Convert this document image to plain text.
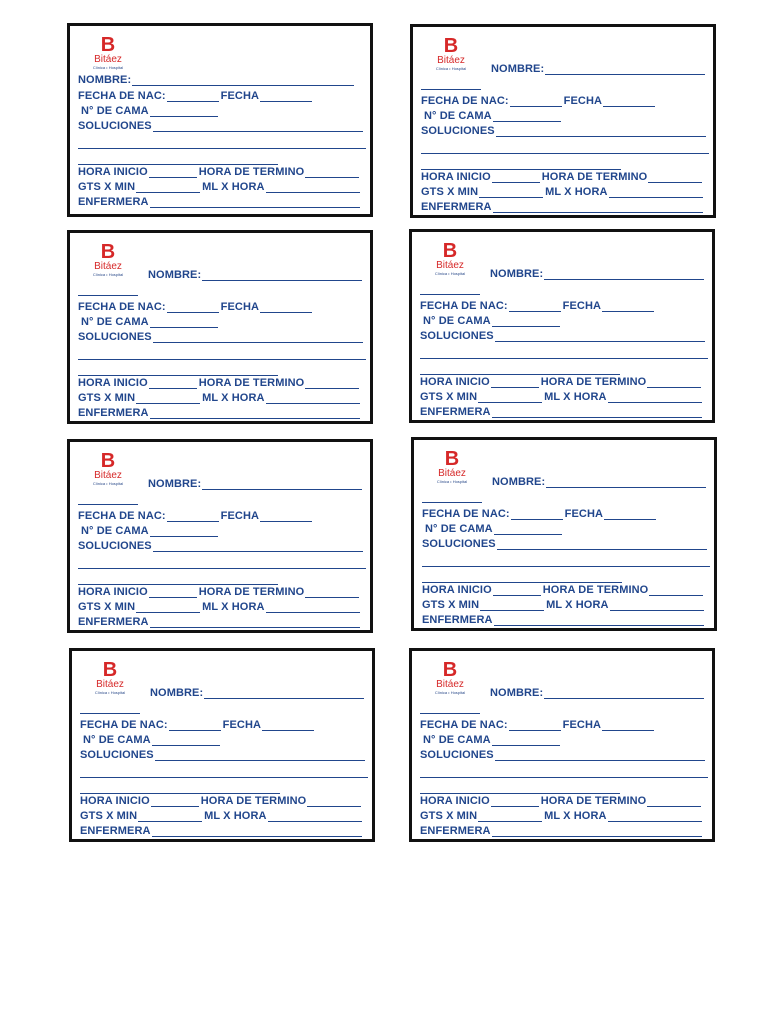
B
Bitáez
Clínica • Hospital
NOMBRE:
FECHA DE NAC:	FECHA
N° DE CAMA
SOLUCIONES
HORA INICIO	HORA DE TERMINO
GTS X MIN	ML X HORA
ENFERMERA
B
Bitáez
Clínica • Hospital	NOMBRE:
FECHA DE NAC:	FECHA
N° DE CAMA
SOLUCIONES
HORA INICIO	HORA DE TERMINO
GTS X MIN	ML X HORA
ENFERMERA
B
Bitáez
Clínica • Hospital	NOMBRE:
FECHA DE NAC:	FECHA
N° DE CAMA
SOLUCIONES
HORA INICIO	HORA DE TERMINO
GTS X MIN	ML X HORA
ENFERMERA
B
Bitáez
Clínica • Hospital	NOMBRE:
FECHA DE NAC:	FECHA
N° DE CAMA
SOLUCIONES
HORA INICIO	HORA DE TERMINO
GTS X MIN	ML X HORA
ENFERMERA
B
Bitáez
Clínica • Hospital	NOMBRE:
FECHA DE NAC:	FECHA
N° DE CAMA
SOLUCIONES
HORA INICIO	HORA DE TERMINO
GTS X MIN	ML X HORA
ENFERMERA
B
Bitáez
Clínica • Hospital	NOMBRE:
FECHA DE NAC:	FECHA
N° DE CAMA
SOLUCIONES
HORA INICIO	HORA DE TERMINO
GTS X MIN	ML X HORA
ENFERMERA
B
Bitáez
Clínica • Hospital	NOMBRE:
FECHA DE NAC:	FECHA
N° DE CAMA
SOLUCIONES
HORA INICIO	HORA DE TERMINO
GTS X MIN	ML X HORA
ENFERMERA
B
Bitáez
Clínica • Hospital	NOMBRE:
FECHA DE NAC:	FECHA
N° DE CAMA
SOLUCIONES
HORA INICIO	HORA DE TERMINO
GTS X MIN	ML X HORA
ENFERMERA
